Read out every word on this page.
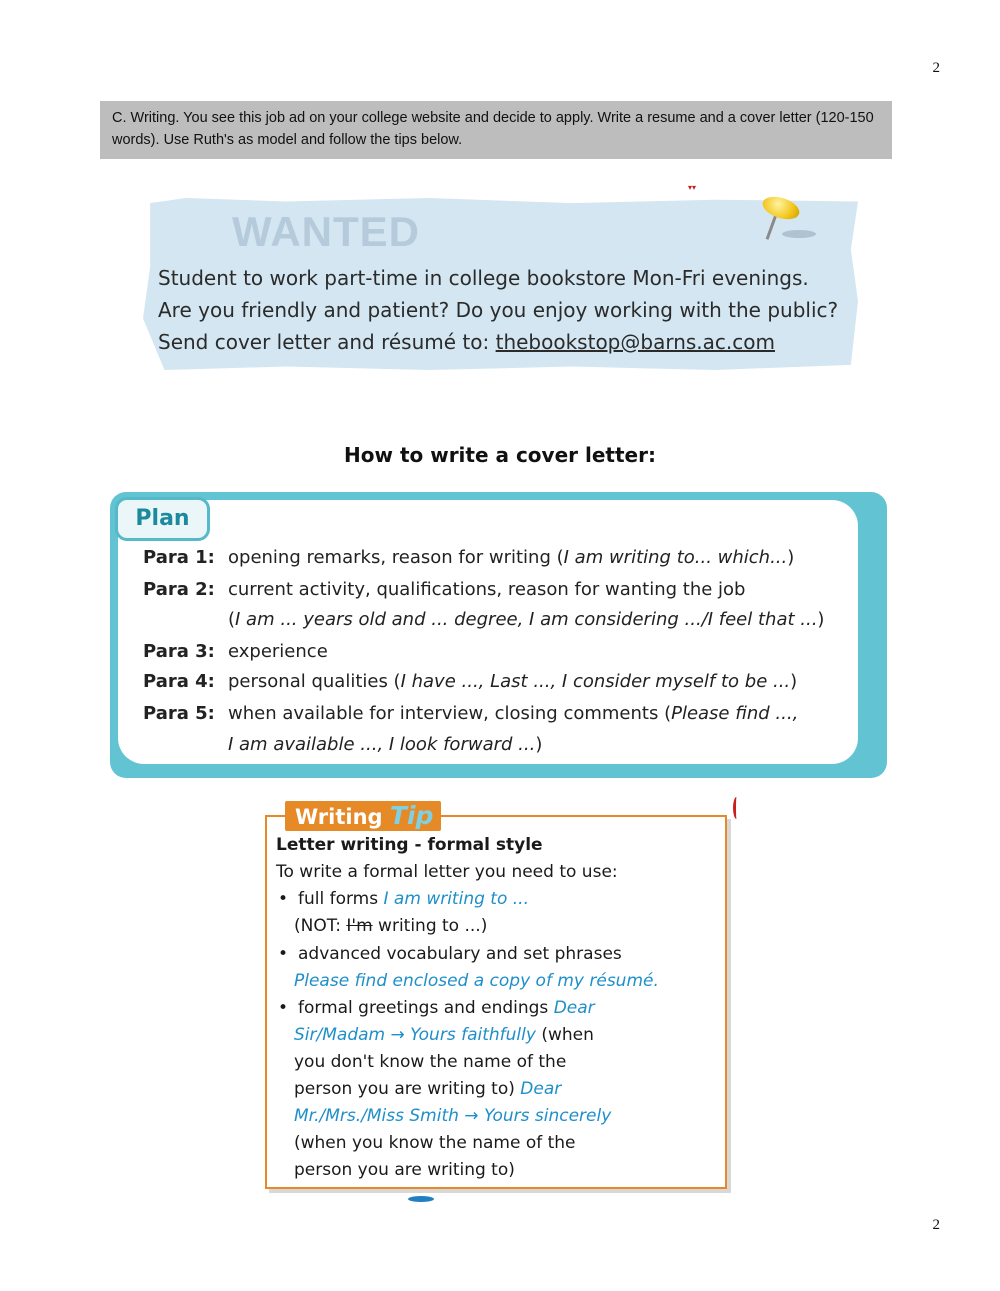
2
C. Writing. You see this job ad on your college website and decide to apply. Write a resume and a cover letter (120-150 words). Use Ruth's as model and follow the tips below.
▾▾
WANTED
Student to work part-time in college bookstore Mon-Fri evenings.
Are you friendly and patient? Do you enjoy working with the public?
Send cover letter and résumé to: thebookstop@barns.ac.com
How to write a cover letter:
Plan
Para 1: opening remarks, reason for writing (I am writing to... which...)
Para 2: current activity, qualifications, reason for wanting the job
(I am ... years old and ... degree, I am considering .../I feel that ...)
Para 3: experience
Para 4: personal qualities (I have ..., Last ..., I consider myself to be ...)
Para 5: when available for interview, closing comments (Please find ...,
I am available ..., I look forward ...)
Writing Tip
Letter writing - formal style
To write a formal letter you need to use:
• full forms I am writing to ...
(NOT: I'm writing to ...)
• advanced vocabulary and set phrases
Please find enclosed a copy of my résumé.
• formal greetings and endings Dear
Sir/Madam → Yours faithfully (when
you don't know the name of the
person you are writing to) Dear
Mr./Mrs./Miss Smith → Yours sincerely
(when you know the name of the
person you are writing to)
2
